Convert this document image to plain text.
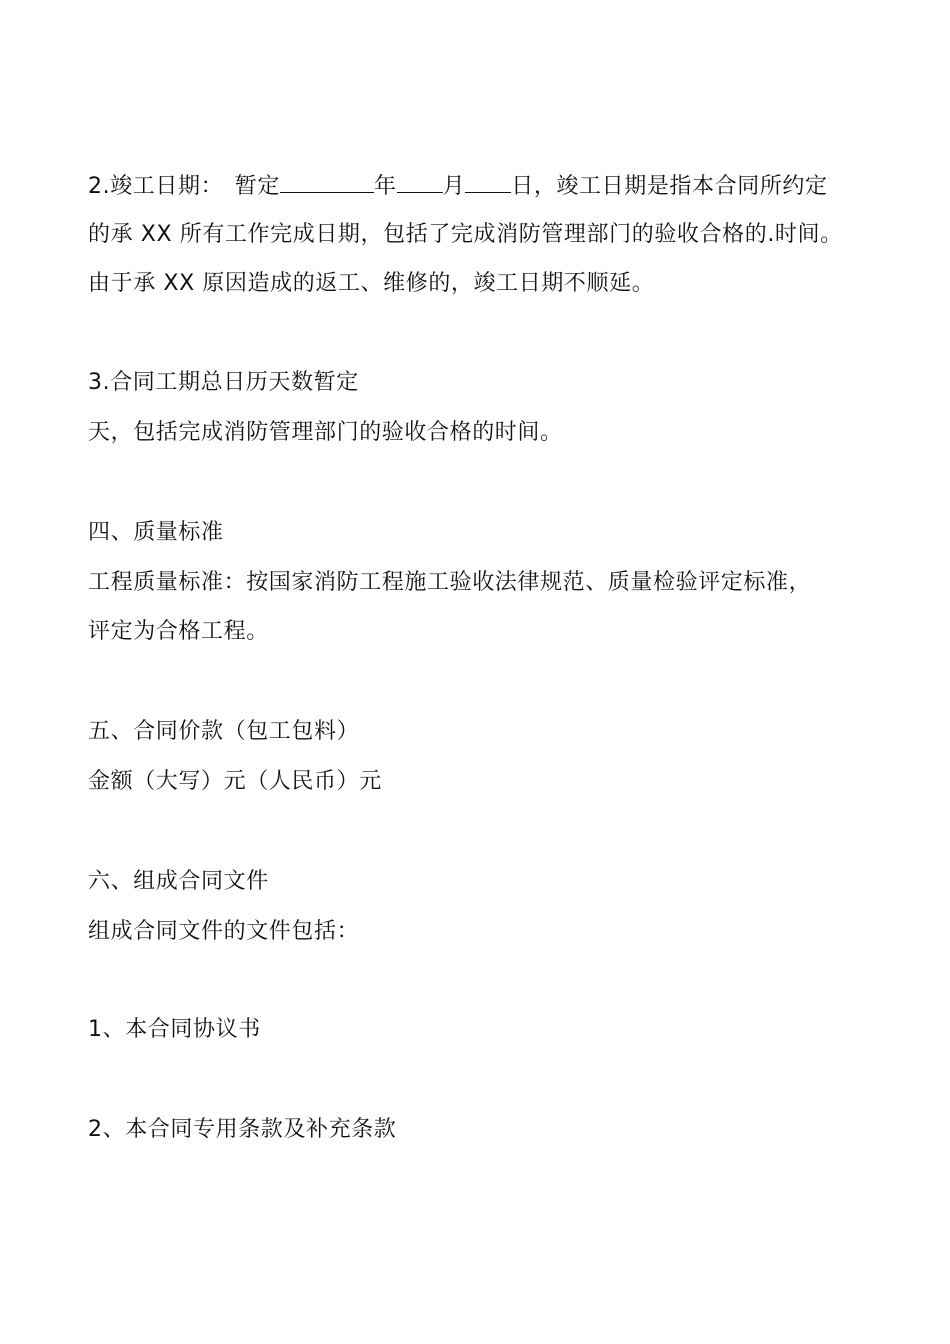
2.竣工日期：　暂定	年 月 日，竣工日期是指本合同所约定
的承 XX 所有工作完成日期，包括了完成消防管理部门的验收合格的.时间。
由于承 XX 原因造成的返工、维修的，竣工日期不顺延。
3.合同工期总日历天数暂定
天，包括完成消防管理部门的验收合格的时间。
四、质量标准
工程质量标准：按国家消防工程施工验收法律规范、质量检验评定标准，
评定为合格工程。
五、合同价款（包工包料）
金额（大写）元（人民币）元
六、组成合同文件
组成合同文件的文件包括：
1、本合同协议书
2、本合同专用条款及补充条款
